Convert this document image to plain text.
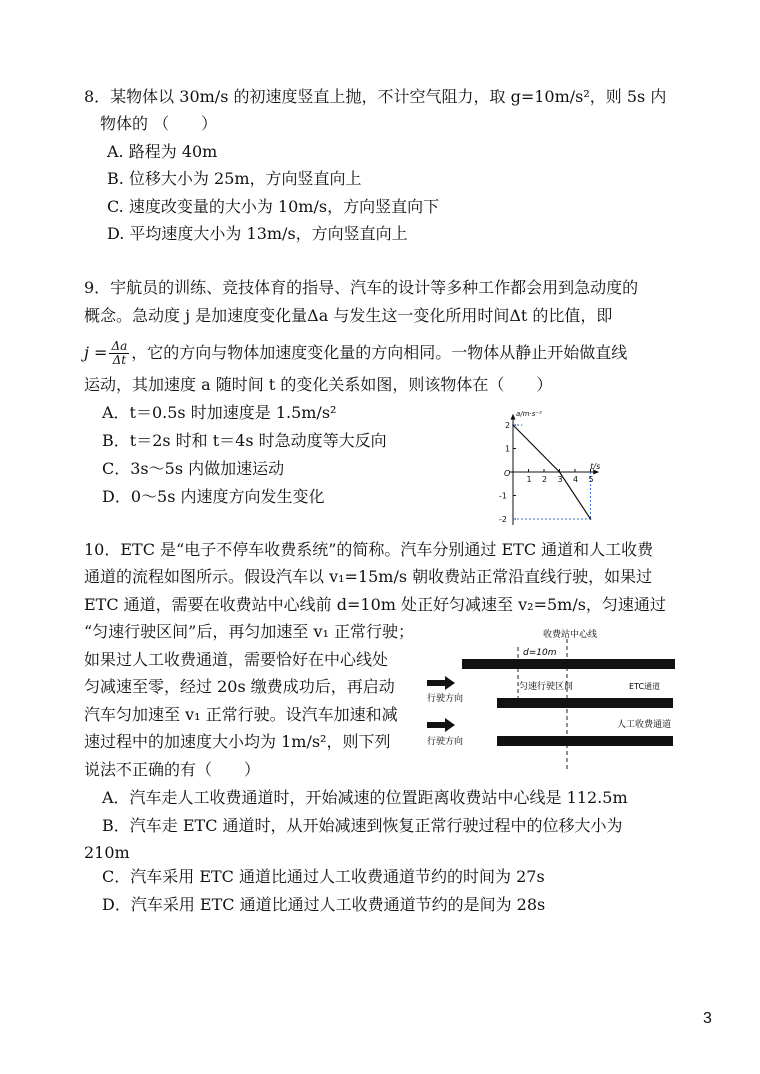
8．某物体以 30m/s 的初速度竖直上抛，不计空气阻力，取 g=10m/s²，则 5s 内
物体的 （　　）
A. 路程为 40m
B. 位移大小为 25m，方向竖直向上
C. 速度改变量的大小为 10m/s，方向竖直向下
D. 平均速度大小为 13m/s，方向竖直向上
9．宇航员的训练、竞技体育的指导、汽车的设计等多种工作都会用到急动度的
概念。急动度 j 是加速度变化量Δa 与发生这一变化所用时间Δt 的比值，即
$j = \frac{\Delta a}{\Delta t}$ ，它的方向与物体加速度变化量的方向相同。一物体从静止开始做直线
运动，其加速度 a 随时间 t 的变化关系如图，则该物体在（　　）
A．t＝0.5s 时加速度是 1.5m/s²
B．t＝2s 时和 t＝4s 时急动度等大反向
C．3s～5s 内做加速运动
D．0～5s 内速度方向发生变化
1 2 3 4 5
2
1
-1
-2
O
a/m·s⁻²
t/s
10．ETC 是“电子不停车收费系统”的简称。汽车分别通过 ETC 通道和人工收费
通道的流程如图所示。假设汽车以 v₁=15m/s 朝收费站正常沿直线行驶，如果过
ETC 通道，需要在收费站中心线前 d=10m 处正好匀减速至 v₂=5m/s，匀速通过
“匀速行驶区间”后，再匀加速至 v₁ 正常行驶；
如果过人工收费通道，需要恰好在中心线处
匀减速至零，经过 20s 缴费成功后，再启动
汽车匀加速至 v₁ 正常行驶。设汽车加速和减
速过程中的加速度大小均为 1m/s²，则下列
说法不正确的有（　　）
A．汽车走人工收费通道时，开始减速的位置距离收费站中心线是 112.5m
B．汽车走 ETC 通道时，从开始减速到恢复正常行驶过程中的位移大小为
210m
C．汽车采用 ETC 通道比通过人工收费通道节约的时间为 27s
D．汽车采用 ETC 通道比通过人工收费通道节约的是间为 28s
收费站中心线
d=10m
匀速行驶区间	ETC通道
人工收费通道
行驶方向
行驶方向
3
